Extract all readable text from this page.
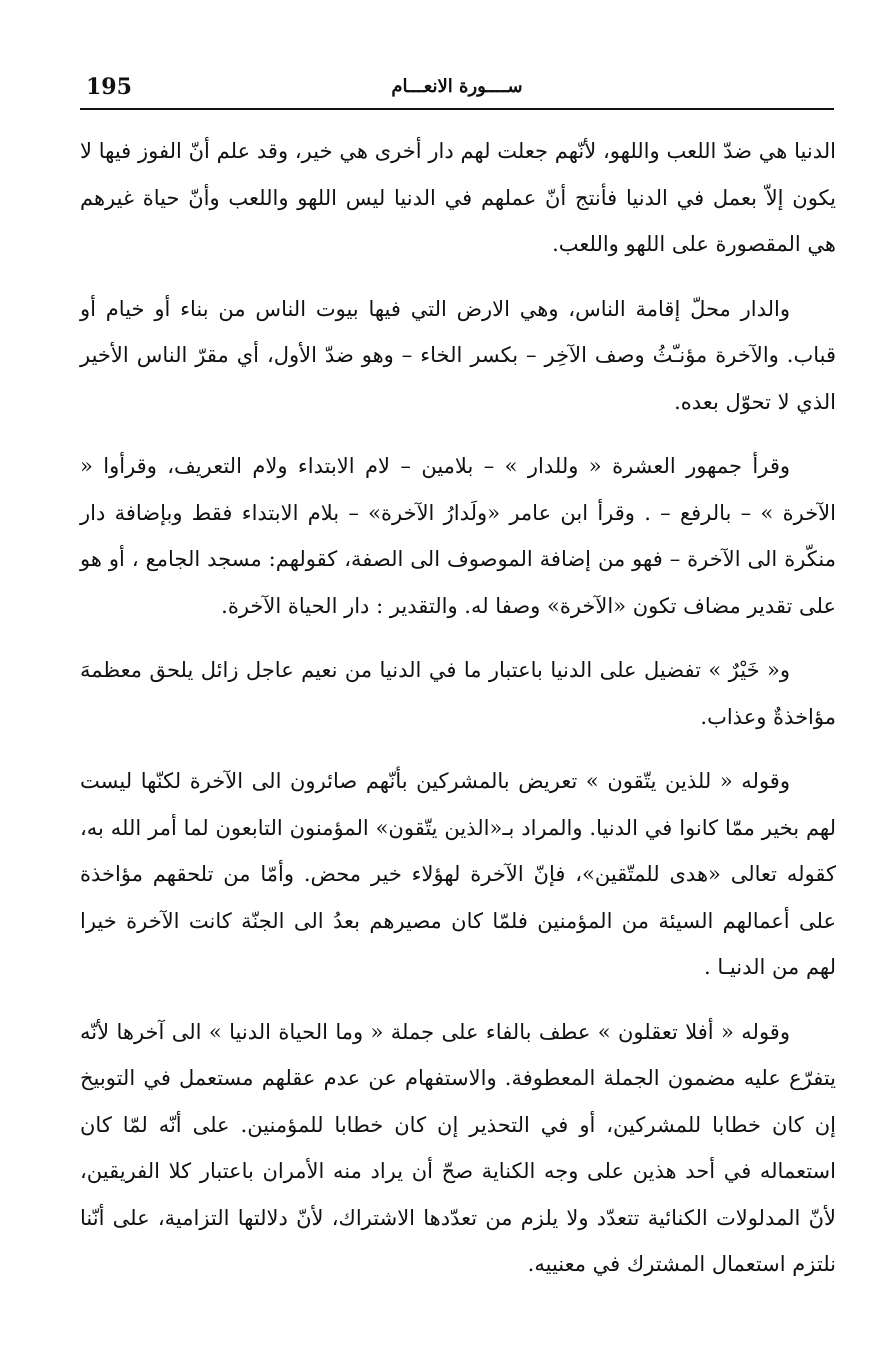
195	ســــورة الانعـــام

الدنيا هي ضدّ اللعب واللهو، لأنّهم جعلت لهم دار أخرى هي خير، وقد علم أنّ الفوز فيها لا يكون إلاّ بعمل في الدنيا فأنتج أنّ عملهم في الدنيا ليس اللهو واللعب وأنّ حياة غيرهم هي المقصورة على اللهو واللعب.

والدار محلّ إقامة الناس، وهي الارض التي فيها بيوت الناس من بناء أو خيام أو قباب. والآخرة مؤنـّثُ وصف الآخِر – بكسر الخاء – وهو ضدّ الأول، أي مقرّ الناس الأخير الذي لا تحوّل بعده.

وقرأ جمهور العشرة « وللدار » – بلامين – لام الابتداء ولام التعريف، وقرأوا « الآخرة » – بالرفع – . وقرأ ابن عامر «ولَدارُ الآخرة» – بلام الابتداء فقط وبإضافة دار منكّرة الى الآخرة – فهو من إضافة الموصوف الى الصفة، كقولهم: مسجد الجامع ، أو هو على تقدير مضاف تكون «الآخرة» وصفا له. والتقدير : دار الحياة الآخرة.

و« خَيْرٌ » تفضيل على الدنيا باعتبار ما في الدنيا من نعيم عاجل زائل يلحق معظمهَ مؤاخذةٌ وعذاب.

وقوله « للذين يتّقون » تعريض بالمشركين بأنّهم صائرون الى الآخرة لكنّها ليست لهم بخير ممّا كانوا في الدنيا. والمراد بـ«الذين يتّقون» المؤمنون التابعون لما أمر الله به، كقوله تعالى «هدى للمتّقين»، فإنّ الآخرة لهؤلاء خير محض. وأمّا من تلحقهم مؤاخذة على أعمالهم السيئة من المؤمنين فلمّا كان مصيرهم بعدُ الى الجنّة كانت الآخرة خيرا لهم من الدنيـا .

وقوله « أفلا تعقلون » عطف بالفاء على جملة « وما الحياة الدنيا » الى آخرها لأنّه يتفرّع عليه مضمون الجملة المعطوفة. والاستفهام عن عدم عقلهم مستعمل في التوبيخ إن كان خطابا للمشركين، أو في التحذير إن كان خطابا للمؤمنين. على أنّه لمّا كان استعماله في أحد هذين على وجه الكناية صحّ أن يراد منه الأمران باعتبار كلا الفريقين، لأنّ المدلولات الكنائية تتعدّد ولا يلزم من تعدّدها الاشتراك، لأنّ دلالتها التزامية، على أنّنا نلتزم استعمال المشترك في معنييه.
